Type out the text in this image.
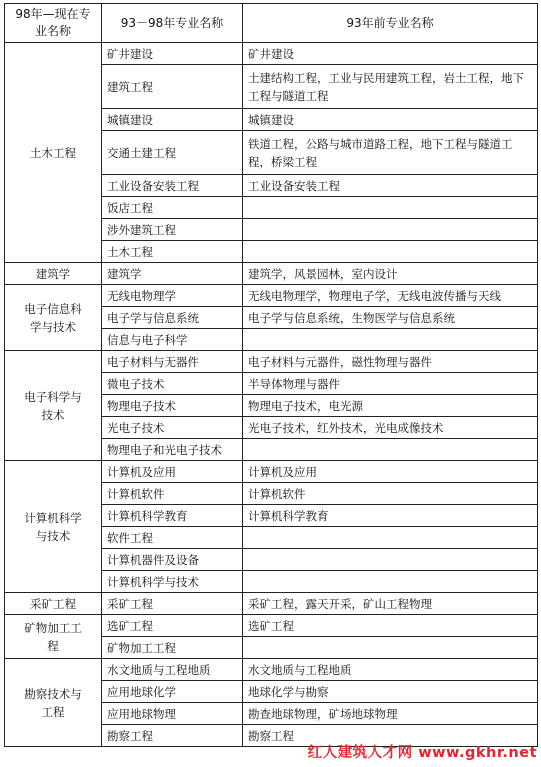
98年—现在专业名称	93－98年专业名称	93年前专业名称
土木工程	矿井建设	矿井建设
	建筑工程	土建结构工程，工业与民用建筑工程，岩土工程，地下工程与隧道工程
	城镇建设	城镇建设
	交通土建工程	铁道工程，公路与城市道路工程，地下工程与隧道工程，桥梁工程
	工业设备安装工程	工业设备安装工程
	饭店工程	
	涉外建筑工程	
	土木工程	
建筑学	建筑学	建筑学，风景园林，室内设计
电子信息科学与技术	无线电物理学	无线电物理学，物理电子学，无线电波传播与天线
	电子学与信息系统	电子学与信息系统，生物医学与信息系统
	信息与电子科学	
电子科学与技术	电子材料与无器件	电子材料与元器件，磁性物理与器件
	微电子技术	半导体物理与器件
	物理电子技术	物理电子技术，电光源
	光电子技术	光电子技术，红外技术，光电成像技术
	物理电子和光电子技术	
计算机科学与技术	计算机及应用	计算机及应用
	计算机软件	计算机软件
	计算机科学教育	计算机科学教育
	软件工程	
	计算机器件及设备	
	计算机科学与技术	
采矿工程	采矿工程	采矿工程，露天开采，矿山工程物理
矿物加工工程	选矿工程	选矿工程
	矿物加工工程	
勘察技术与工程	水文地质与工程地质	水文地质与工程地质
	应用地球化学	地球化学与勘察
	应用地球物理	勘查地球物理，矿场地球物理
	勘察工程	勘察工程
红人建筑人才网 www.gkhr.net
